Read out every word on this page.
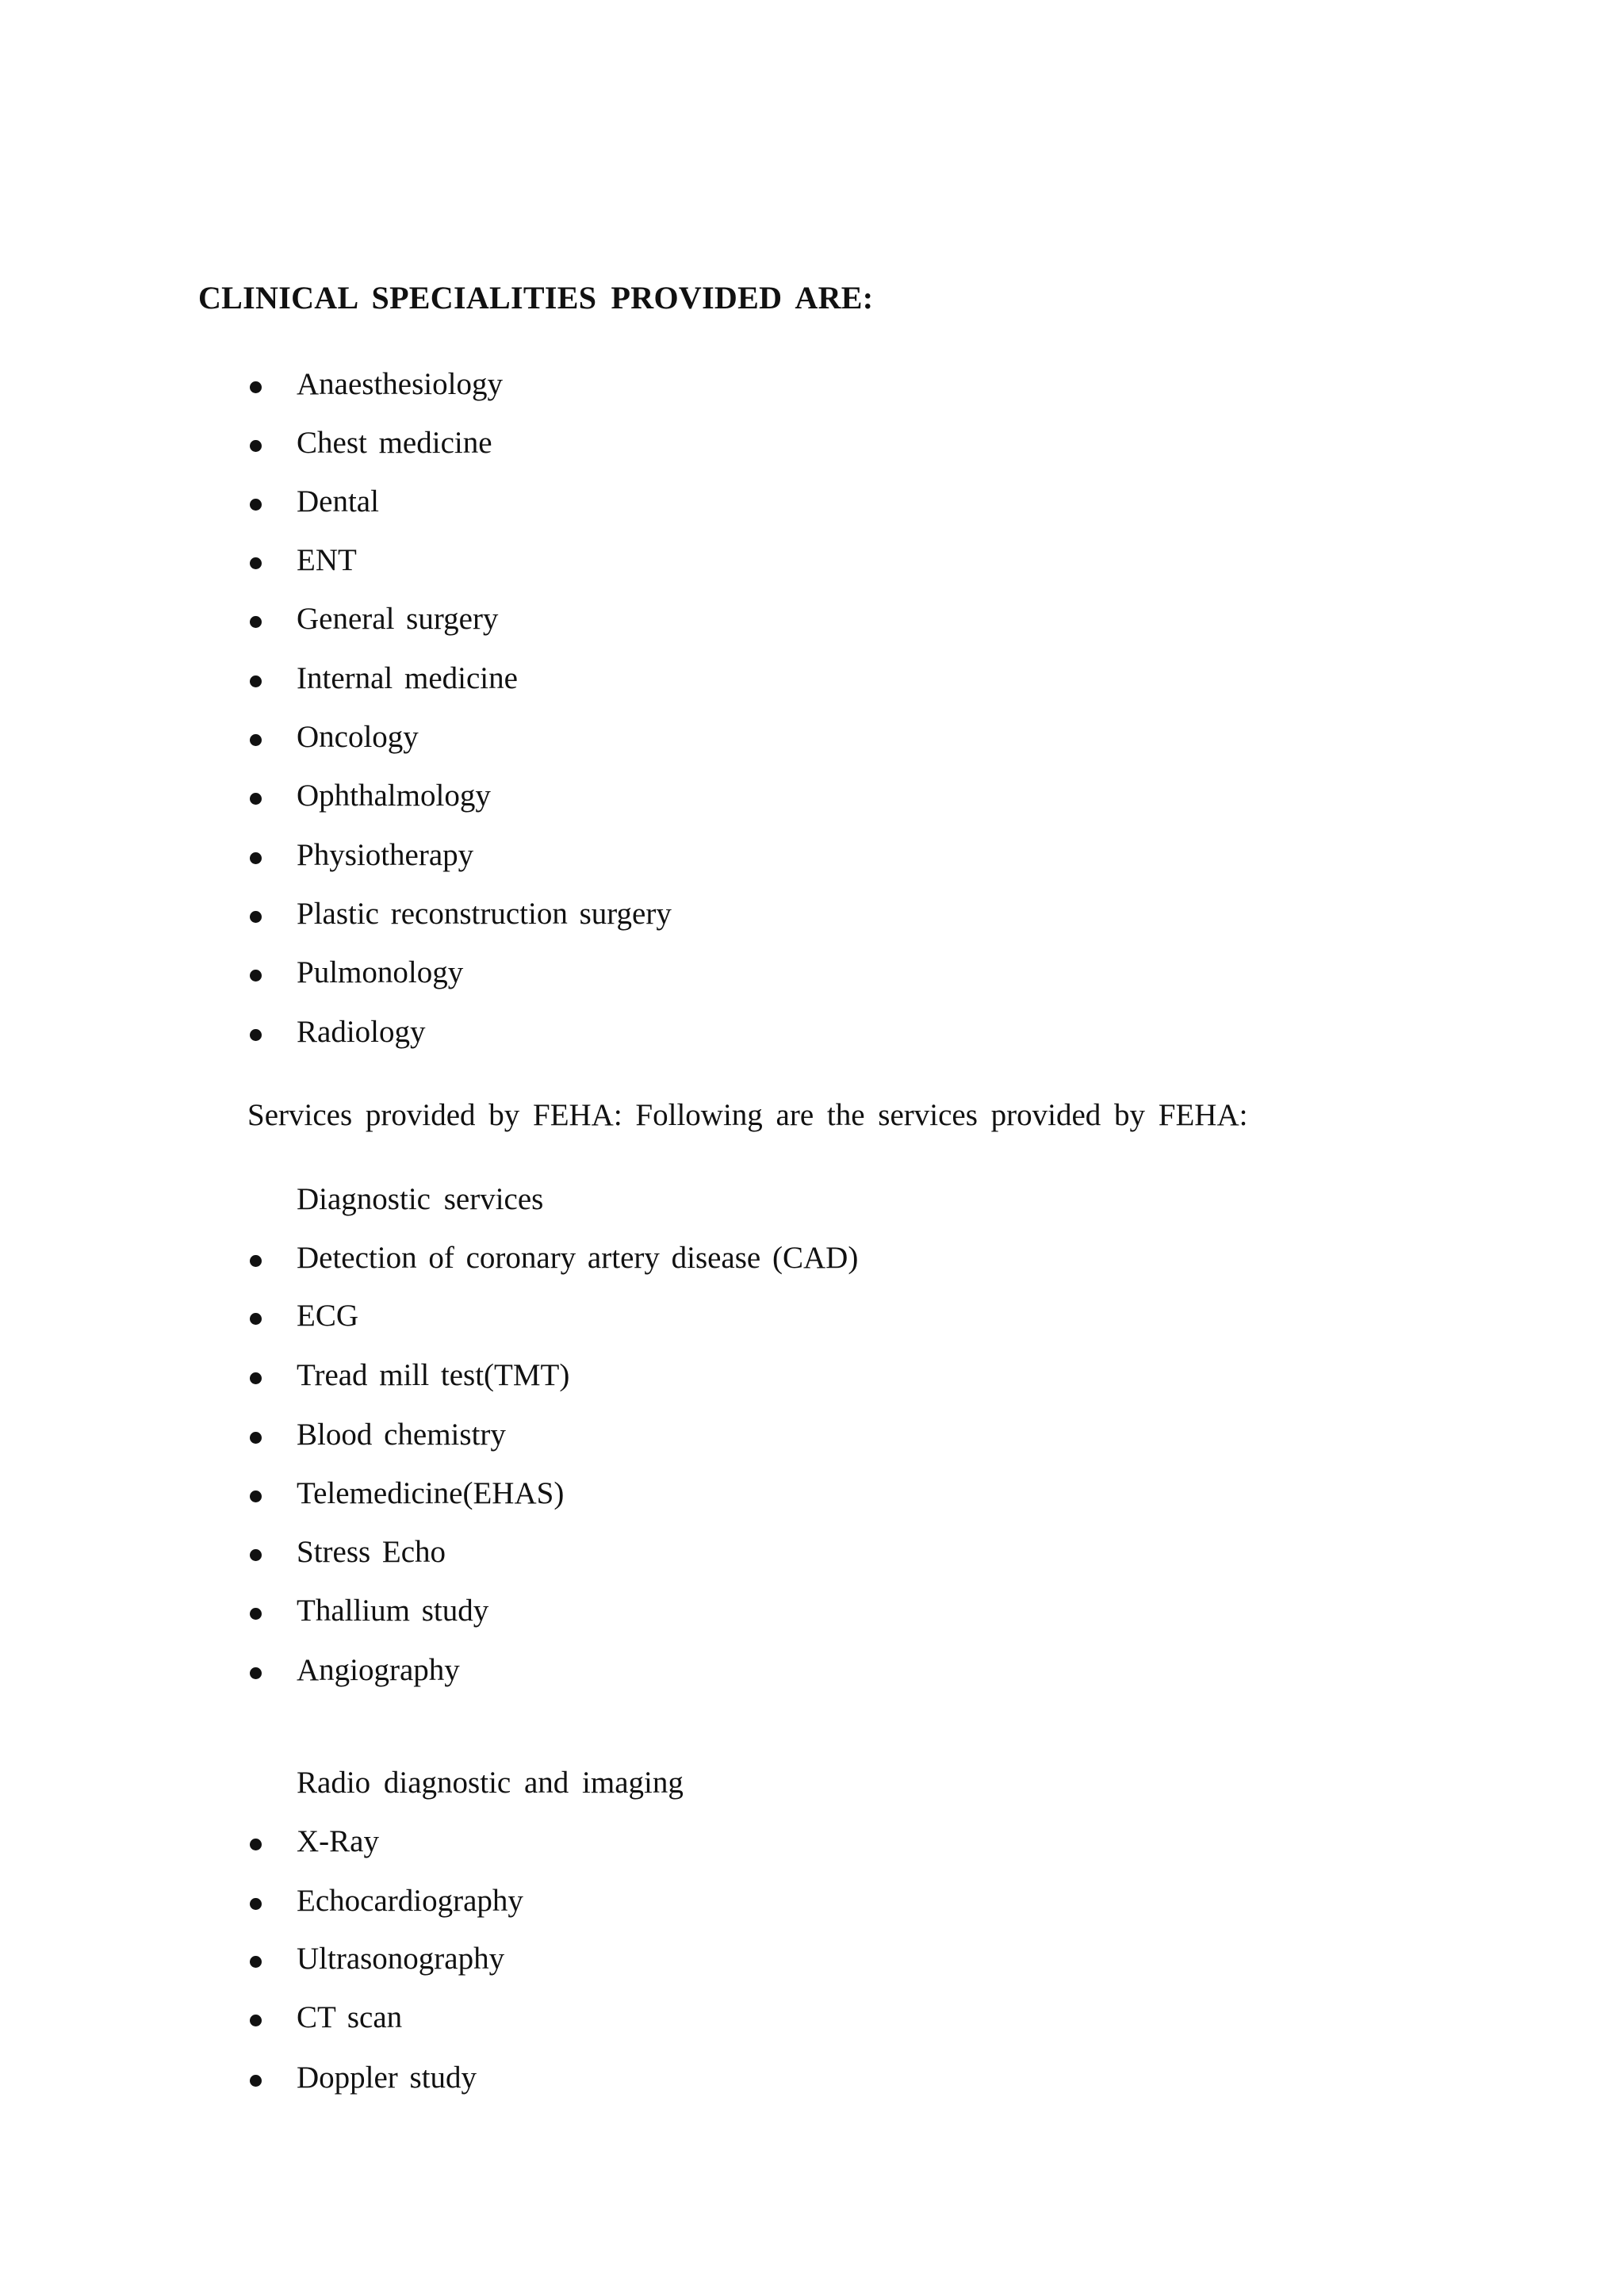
CLINICAL SPECIALITIES PROVIDED ARE:
Anaesthesiology
Chest medicine
Dental
ENT
General surgery
Internal medicine
Oncology
Ophthalmology
Physiotherapy
Plastic reconstruction surgery
Pulmonology
Radiology
Services provided by FEHA: Following are the services provided by FEHA:
Diagnostic services
Detection of coronary artery disease (CAD)
ECG
Tread mill test(TMT)
Blood chemistry
Telemedicine(EHAS)
Stress Echo
Thallium study
Angiography
Radio diagnostic and imaging
X-Ray
Echocardiography
Ultrasonography
CT scan
Doppler study
